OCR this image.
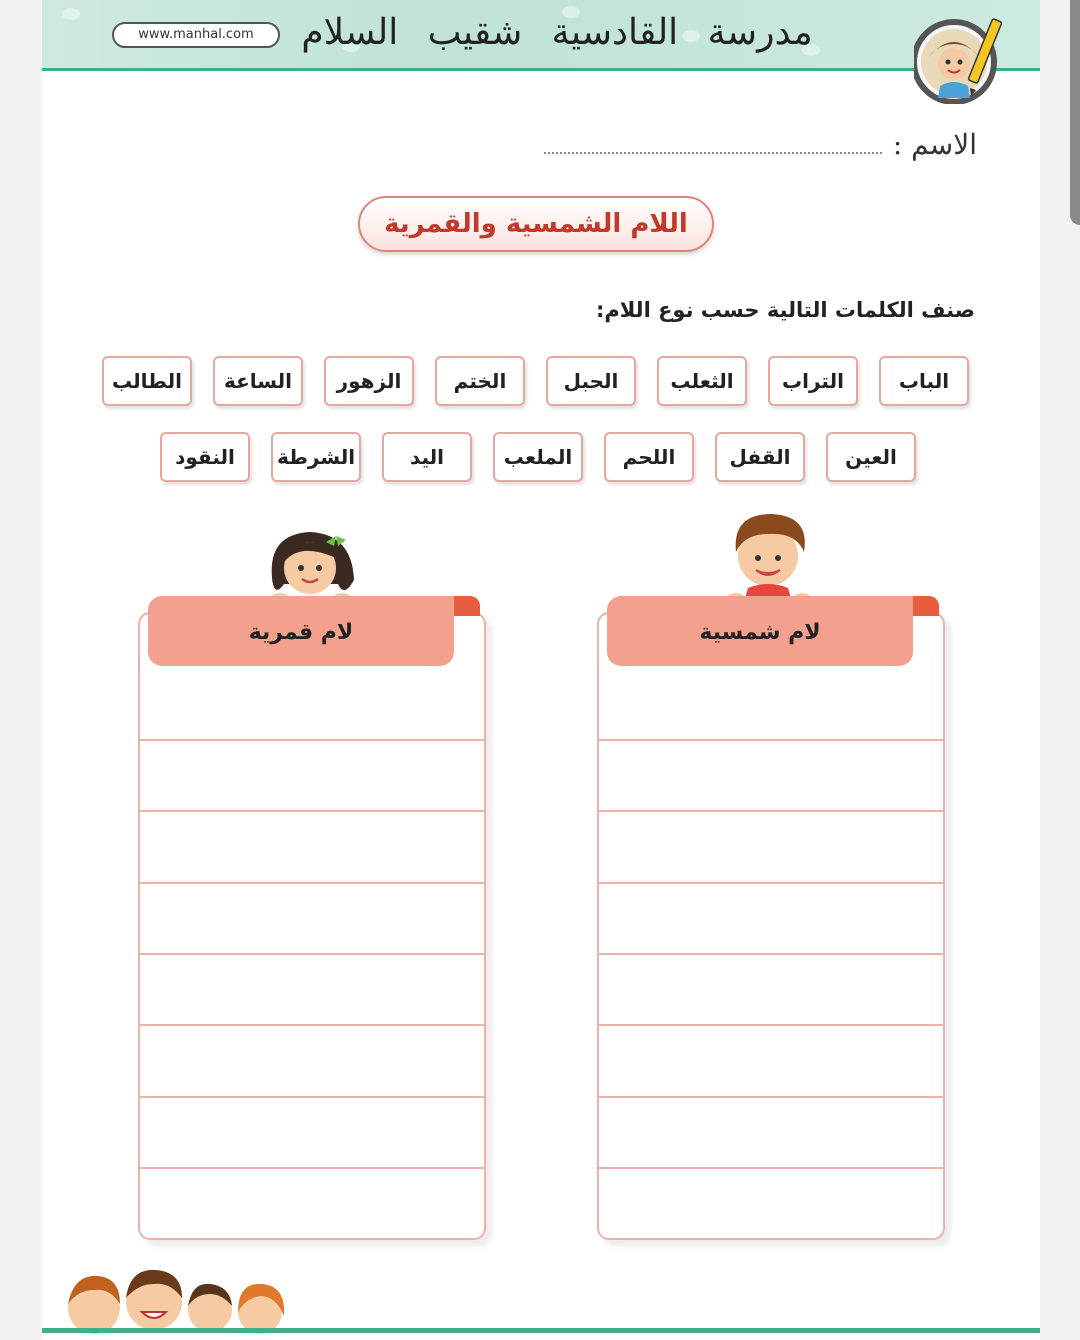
www.manhal.com	مدرسة القادسية شقيب السلام
الاسم :
اللام الشمسية والقمرية
صنف الكلمات التالية حسب نوع اللام:
الباب
التراب
الثعلب
الحبل
الختم
الزهور
الساعة
الطالب
العين
القفل
اللحم
الملعب
اليد
الشرطة
النقود
لام قمرية	لام شمسية
